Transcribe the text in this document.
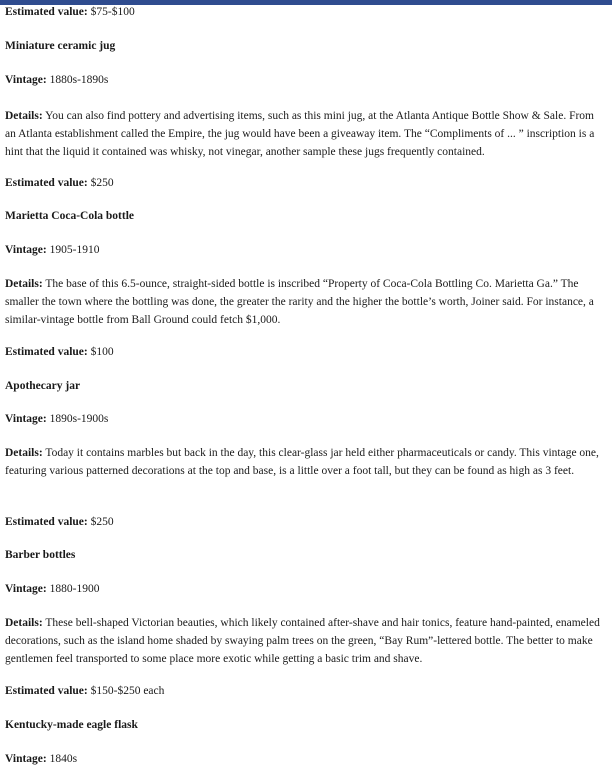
Estimated value: $75-$100
Miniature ceramic jug
Vintage: 1880s-1890s
Details: You can also find pottery and advertising items, such as this mini jug, at the Atlanta Antique Bottle Show & Sale. From an Atlanta establishment called the Empire, the jug would have been a giveaway item. The “Compliments of ... ” inscription is a hint that the liquid it contained was whisky, not vinegar, another sample these jugs frequently contained.
Estimated value: $250
Marietta Coca-Cola bottle
Vintage: 1905-1910
Details: The base of this 6.5-ounce, straight-sided bottle is inscribed “Property of Coca-Cola Bottling Co. Marietta Ga.” The smaller the town where the bottling was done, the greater the rarity and the higher the bottle’s worth, Joiner said. For instance, a similar-vintage bottle from Ball Ground could fetch $1,000.
Estimated value: $100
Apothecary jar
Vintage: 1890s-1900s
Details: Today it contains marbles but back in the day, this clear-glass jar held either pharmaceuticals or candy. This vintage one, featuring various patterned decorations at the top and base, is a little over a foot tall, but they can be found as high as 3 feet.
Estimated value: $250
Barber bottles
Vintage: 1880-1900
Details: These bell-shaped Victorian beauties, which likely contained after-shave and hair tonics, feature hand-painted, enameled decorations, such as the island home shaded by swaying palm trees on the green, “Bay Rum”-lettered bottle. The better to make gentlemen feel transported to some place more exotic while getting a basic trim and shave.
Estimated value: $150-$250 each
Kentucky-made eagle flask
Vintage: 1840s
